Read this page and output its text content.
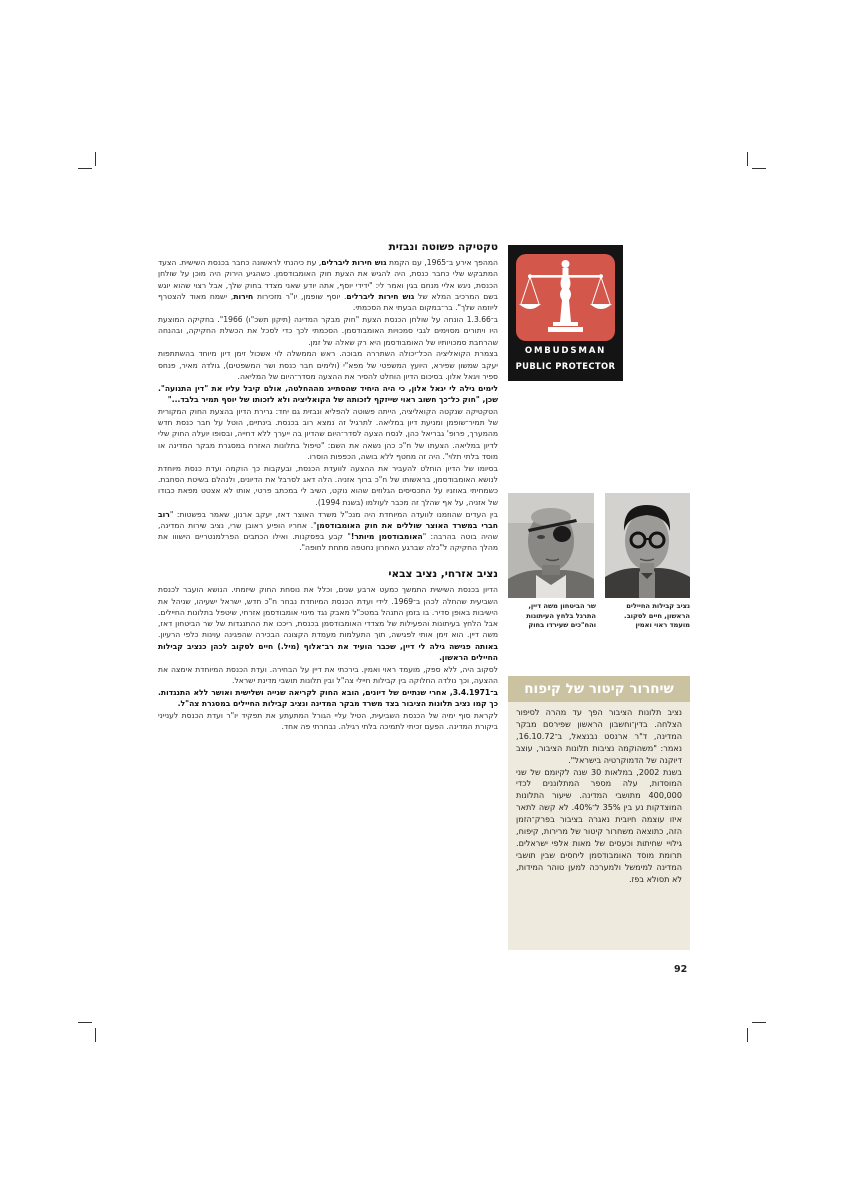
טקטיקה פשוטה ונבזית

המהפך אירע ב־1965, עם הקמת גוש חירות ליברלים, עת כיהנתי לראשונה כחבר בכנסת השישית. הצעד המתבקש שלי כחבר כנסת, היה להגיש את הצעת חוק האומבודסמן. כשהגיע הירוק היה מוכן על שולחן הכנסת, ניגש אליי מנחם בגין ואמר לי: "ידידי יוסף, אתה יודע שאני מצדד בחוק שלך, אבל רצוי שהוא יוגש בשם המרכיב המלא של גוש חירות ליברלים. יוסף שופמן, יו"ר מזכירות חירות, ישמח מאוד להצטרף ליוזמה שלך". בר־במקום הבעתי את הסכמתי.

ב־1.3.66 הונחה על שולחן הכנסת הצעת "חוק מבקר המדינה (תיקון תשכ"ו) 1966". בחקיקה המוצעת היו ויתורים מסוימים לגבי סמכויות האומבודסמן. הסכמתי לכך כדי לסכל את הכשלת החקיקה, ובהנחה שהרחבת סמכויותיו של האומבודסמן היא רק שאלה של זמן.

בצמרת הקואליציה הכל־יכולה השתררה מבוכה. ראש הממשלה לוי אשכול זימן דיון מיוחד בהשתתפות יעקב שמשון שפירא, היועץ המשפטי של מפא"י (ולימים חבר כנסת ושר המשפטים), גולדה מאיר, פנחס ספיר ויגאל אלון. בסיכום הדיון הוחלט להסיר את ההצעה מסדר־היום של המליאה.

לימים גילה לי יגאל אלון, כי היה היחיד שהסתייג מההחלטה, אולם קיבל עליו את "דין התנועה". שכן, "חוק כל־כך חשוב ראוי שייזקף לזכותה של הקואליציה ולא לזכותו של יוסף תמיר בלבד..."

הטקטיקה שנקטה הקואליציה, הייתה פשוטה להפליא ונבזית גם יחד: גרירת הדיון בהצעת החוק המקורית של תמיר־שופמן ומניעת דיון במליאה. לתרגיל זה נמצא רוב בכנסת. בינתיים, הוטל על חבר כנסת חדש מהמערך, פרופ' גבריאל כהן, לנסח הצעה לסדר־היום שהדיון בה ייערך ללא דחייה, ובסופו יועלה החוק שלי לדיון במליאה. הצעתו של ח"כ כהן נשאה את השם: "טיפול בתלונות האזרח במסגרת מבקר המדינה או מוסד בלתי תלוי". היה זה מחטף ללא בושה, הכפפות הוסרו.

בסיומו של הדיון הוחלט להעביר את ההצעה לוועדת הכנסת, ובעקבות כך הוקמה ועדת כנסת מיוחדת לנושא האומבודסמן, בראשותו של ח"כ ברוך אזניה. הלה דאג לסרבל את הדיונים, ולנהלם בשיטת הסחבת. כשמחיתי באוזניו על התכסיסים הגלוזים שהוא נוקט, השיב לי במכתב פרטי, אותו לא אצטט מפאת כבודו של אזניה, על אף שהלך זה מכבר לעולמו (בשנת 1994).

בין העדים שהוזמנו לוועדה המיוחדת היה מנכ"ל משרד האוצר דאז, יעקב ארנון, שאמר בפשטות: "רוב חברי במשרד האוצר שוללים את חוק האומבודסמן". אחריו הופיע ראובן שרי, נציב שירות המדינה, שהיה בוטה בהרבה: "האומבודסמן מיותר!" קבע בפסקנות. ואילו הכתבים הפרלמנטריים הישווו את מהלך החקיקה ל"כלה שברגע האחרון נחטפה מתחת לחופה".

נציב אזרחי, נציב צבאי

הדיון בכנסת השישית התמשך כמעט ארבע שנים, וכלל את נוסחת החוק שיזמתי. הנושא הועבר לכנסת השביעית שהחלה לכהן ב־1969. לידי ועדת הכנסת המיוחדת נבחר ח"כ חדש, ישראל ישעיהו, שניהל את הישיבות באופן סדיר. בו בזמן התנהל במטכ"ל מאבק נגד מינוי אומבודסמן אזרחי, שיטפל בתלונות החיילים. אבל הלחץ בעיתונות והפעילות של מצדדי האומבודסמן בכנסת, ריככו את ההתנגדות של שר הביטחון דאז, משה דיין. הוא זימן אותי לפגישה, תוך התעלמות מעמדת הקצונה הבכירה שהפגינה עוינות כלפי הרעיון. באותה פגישה גילה לי דיין, שכבר הועיד את רב־אלוף (מיל.) חיים לסקוב לכהן כנציב קבילות החיילים הראשון.

לסקוב היה, ללא ספק, מועמד ראוי ואמין. בירכתי את דיין על הבחירה. ועדת הכנסת המיוחדת אימצה את ההצעה, וכך נולדה החלוקה בין קבילות חיילי צה"ל ובין תלונות תושבי מדינת ישראל.

ב־3.4.1971, אחרי שנתיים של דיונים, הובא החוק לקריאה שנייה ושלישית ואושר ללא התנגדות. כך קמו נציב תלונות הציבור בצד משרד מבקר המדינה ונציב קבילות החיילים במסגרת צה"ל.

לקראת סוף ימיה של הכנסת השביעית, הטיל עליי הגורל המתעתע את תפקיד יו"ר ועדת הכנסת לענייני ביקורת המדינה. הפעם זכיתי לתמיכה בלתי רגילה. נבחרתי פה אחד.

OMBUDSMAN
PUBLIC PROTECTOR
שר הביטחון משה דיין, התרגל בלחץ העיתונות והח"כים שעירדו בחוק
נציב קבילות החיילים הראשון, חיים לסקוב. מועמד ראוי ואמין
שיחרור קיטור של קיפוח

נציב תלונות הציבור הפך עד מהרה לסיפור הצלחה. בדין־וחשבון הראשון שפירסם מבקר המדינה, ד"ר ארנסט נבנצאל, ב־16.10.72, נאמר: "משהוקמה נציבות תלונות הציבור, עוצב דיוקנה של הדמוקרטיה בישראל".

בשנת 2002, במלאות 30 שנה לקיומם של שני המוסדות, עלה מספר המתלוננים לכדי 400,000 מתושבי המדינה. שיעור התלונות המוצדקות נע בין 35% ל־40%. לא קשה לתאר איזו עוצמה חיובית נאגרה בציבור בפרק־הזמן הזה, כתוצאה משחרור קיטור של מרירות, קיפוח, גילויי שחיתות וכעסים של מאות אלפי ישראלים. תרומת מוסד האומבודסמן ליחסים שבין תושבי המדינה למימשל ולמערכה למען טוהר המידות, לא תסולא בפז.

92
